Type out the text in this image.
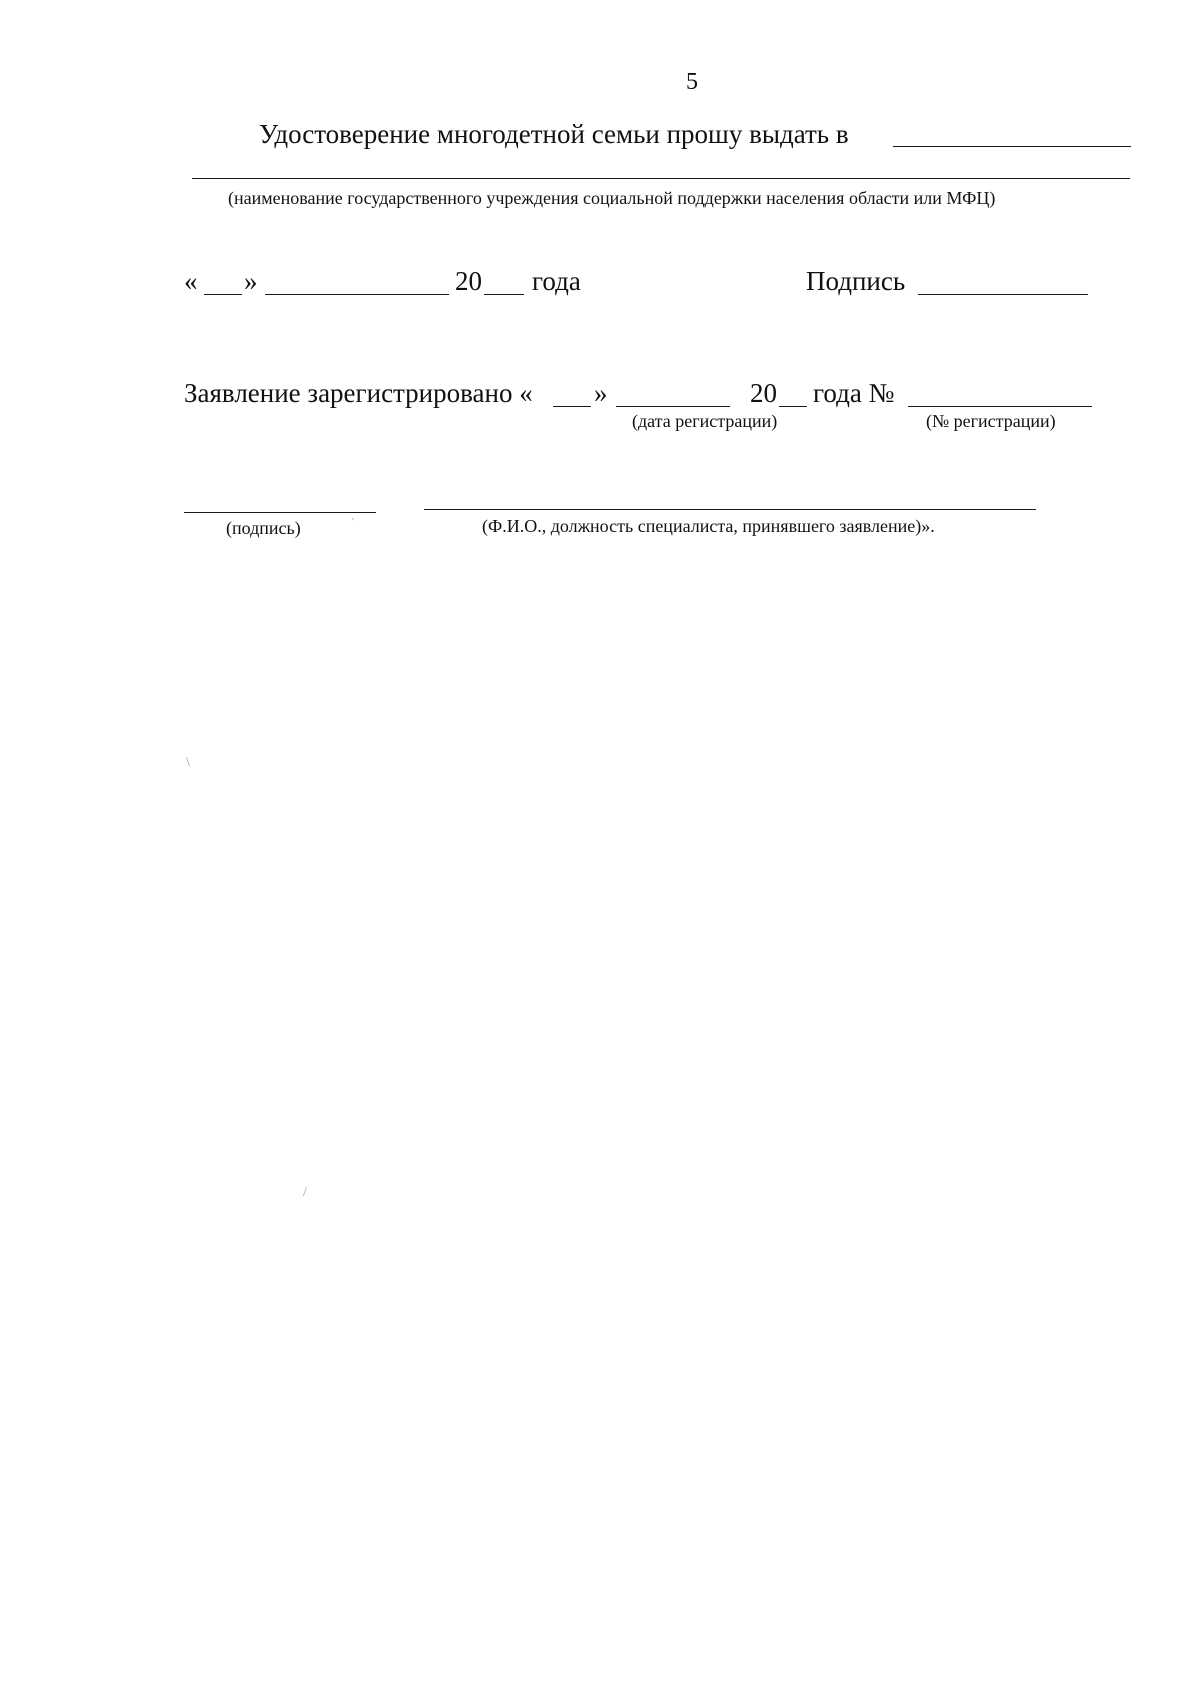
5
Удостоверение многодетной семьи прошу выдать в
(наименование государственного учреждения социальной поддержки населения области или МФЦ)
« »	20 года	Подпись
Заявление зарегистрировано « »	20 года №
(дата регистрации)	(№ регистрации)
(подпись)	(Ф.И.О., должность специалиста, принявшего заявление)».
\
/
'
